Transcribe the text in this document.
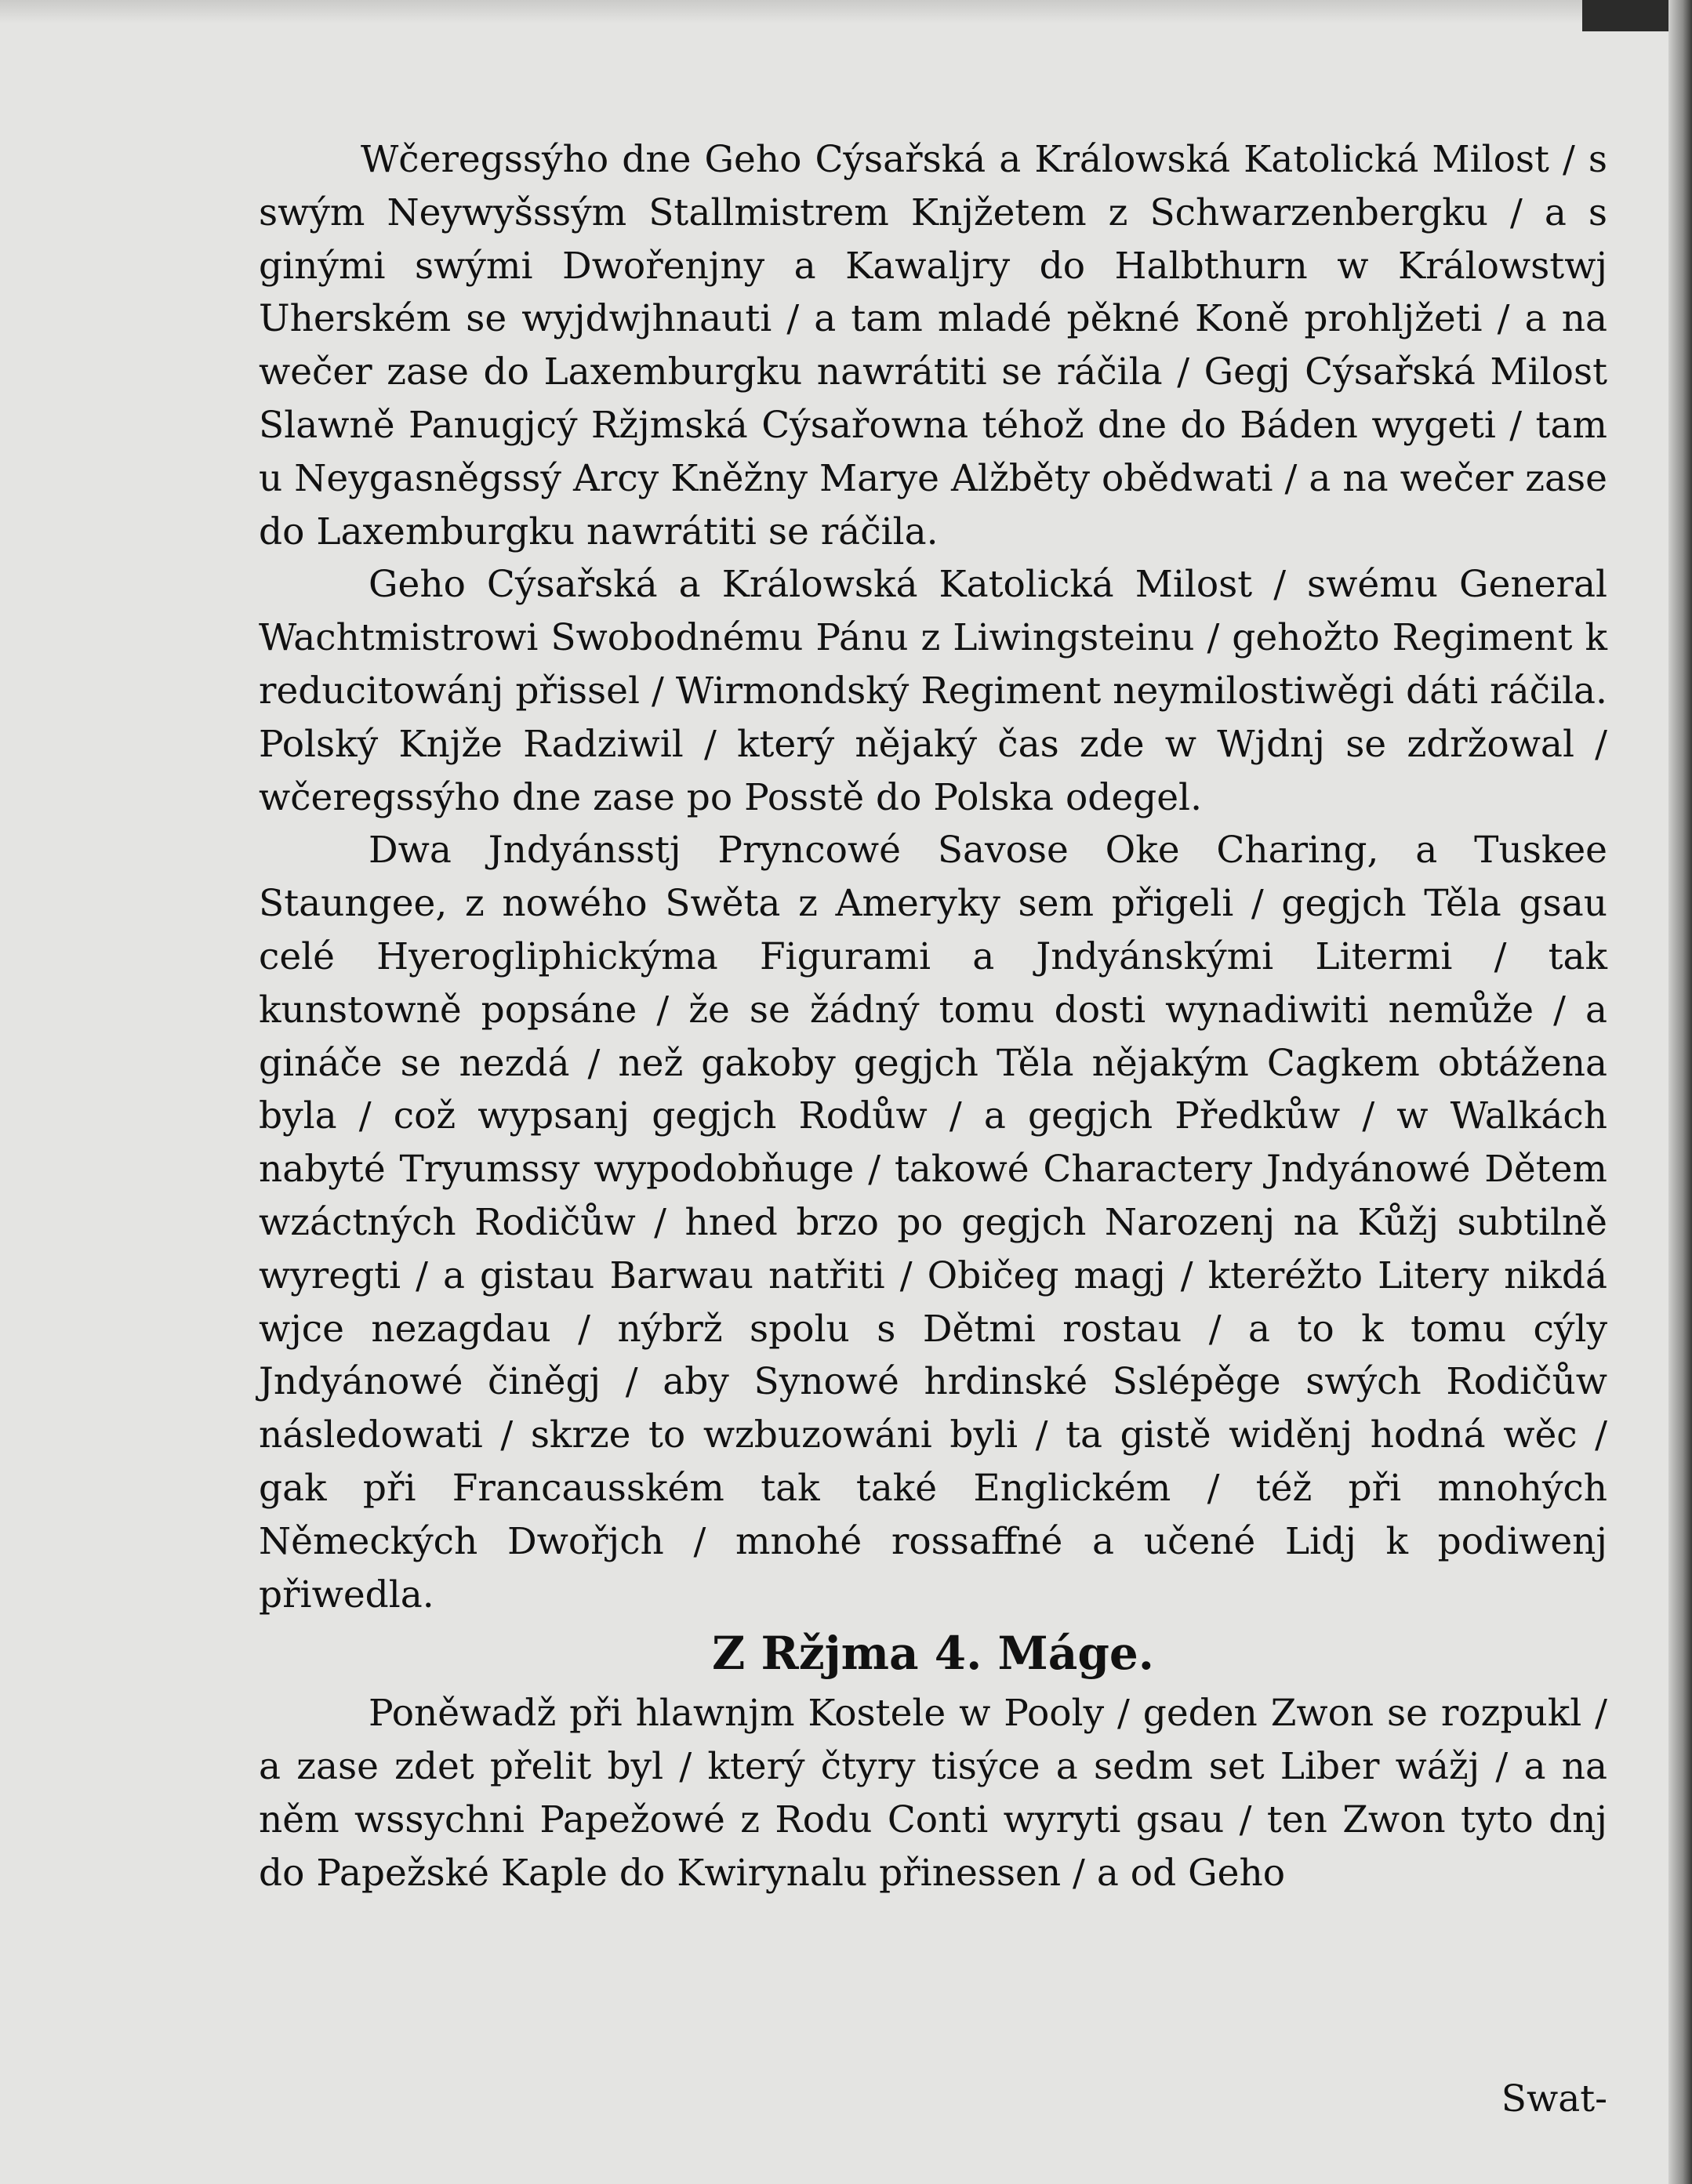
Wčeregssýho dne Geho Cýsařská a Králowská Katolická Milost / s swým Neywyšssým Stallmistrem Knjžetem z Schwarzenbergku / a s ginými swými Dwořenjny a Kawaljry do Halbthurn w Králowstwj Uherském se wyjdwjhnauti / a tam mladé pěkné Koně prohljžeti / a na wečer zase do Laxemburgku nawrátiti se ráčila / Gegj Cýsařská Milost Slawně Panugjcý Ržjmská Cýsařowna téhož dne do Báden wygeti / tam u Neygasněgssý Arcy Kněžny Marye Alžběty obědwati / a na wečer zase do Laxemburgku nawrátiti se ráčila.

Geho Cýsařská a Králowská Katolická Milost / swému General Wachtmistrowi Swobodnému Pánu z Liwingsteinu / gehožto Regiment k reducitowánj přissel / Wirmondský Regiment neymilostiwěgi dáti ráčila. Polský Knjže Radziwil / který nějaký čas zde w Wjdnj se zdržowal / wčeregssýho dne zase po Posstě do Polska odegel.

Dwa Jndyánsstj Pryncowé Savose Oke Charing, a Tuskee Staungee, z nowého Swěta z Ameryky sem přigeli / gegjch Těla gsau celé Hyerogliphickýma Figurami a Jndyánskými Litermi / tak kunstowně popsáne / že se žádný tomu dosti wynadiwiti nemůže / a gináče se nezdá / než gakoby gegjch Těla nějakým Cagkem obtážena byla / což wypsanj gegjch Rodůw / a gegjch Předkůw / w Walkách nabyté Tryumssy wypodobňuge / takowé Charactery Jndyánowé Dětem wzáctných Rodičůw / hned brzo po gegjch Narozenj na Kůžj subtilně wyregti / a gistau Barwau natřiti / Običeg magj / kteréžto Litery nikdá wjce nezagdau / nýbrž spolu s Dětmi rostau / a to k tomu cýly Jndyánowé činěgj / aby Synowé hrdinské Sslépěge swých Rodičůw následowati / skrze to wzbuzowáni byli / ta gistě widěnj hodná wěc / gak při Francausském tak také Englickém / též při mnohých Německých Dwořjch / mnohé rossaffné a učené Lidj k podiwenj přiwedla.

Z Ržjma 4. Máge.

Poněwadž při hlawnjm Kostele w Pooly / geden Zwon se rozpukl / a zase zdet přelit byl / který čtyry tisýce a sedm set Liber wážj / a na něm wssychni Papežowé z Rodu Conti wyryti gsau / ten Zwon tyto dnj do Papežské Kaple do Kwirynalu přinessen / a od Geho

Swat-
